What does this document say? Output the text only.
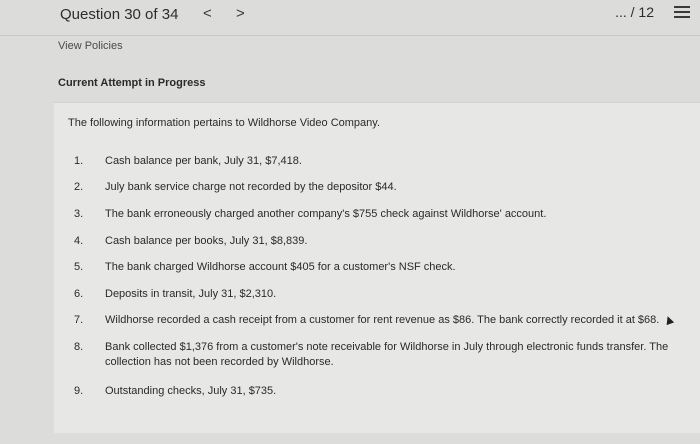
Question 30 of 34 < >	... / 12
View Policies
Current Attempt in Progress
The following information pertains to Wildhorse Video Company.
1.	Cash balance per bank, July 31, $7,418.
2.	July bank service charge not recorded by the depositor $44.
3.	The bank erroneously charged another company's $755 check against Wildhorse' account.
4.	Cash balance per books, July 31, $8,839.
5.	The bank charged Wildhorse account $405 for a customer's NSF check.
6.	Deposits in transit, July 31, $2,310.
7.	Wildhorse recorded a cash receipt from a customer for rent revenue as $86. The bank correctly recorded it at $68.
8.	Bank collected $1,376 from a customer's note receivable for Wildhorse in July through electronic funds transfer. The collection has not been recorded by Wildhorse.
9.	Outstanding checks, July 31, $735.
